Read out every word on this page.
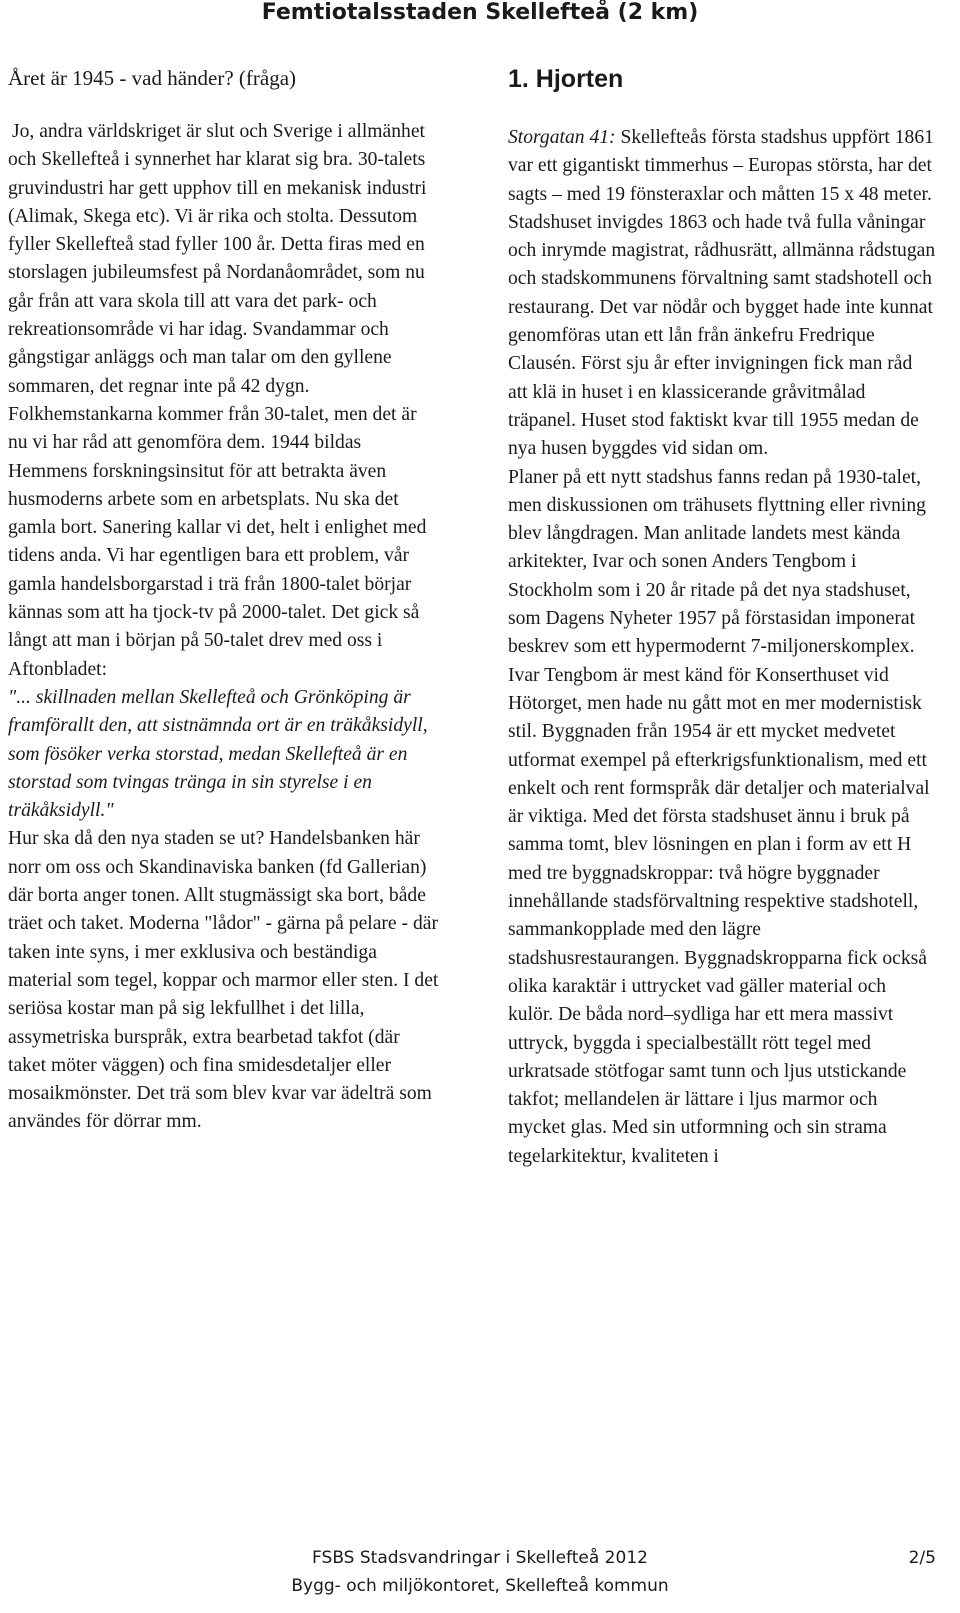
Femtiotalsstaden Skellefteå (2 km)

Året är 1945 - vad händer? (fråga)

Jo, andra världskriget är slut och Sverige i allmänhet och Skellefteå i synnerhet har klarat sig bra. 30-talets gruvindustri har gett upphov till en mekanisk industri (Alimak, Skega etc). Vi är rika och stolta. Dessutom fyller Skellefteå stad fyller 100 år. Detta firas med en storslagen jubileumsfest på Nordanåområdet, som nu går från att vara skola till att vara det park- och rekreationsområde vi har idag. Svandammar och gångstigar anläggs och man talar om den gyllene sommaren, det regnar inte på 42 dygn. Folkhemstankarna kommer från 30-talet, men det är nu vi har råd att genomföra dem. 1944 bildas Hemmens forskningsinsitut för att betrakta även husmoderns arbete som en arbetsplats. Nu ska det gamla bort. Sanering kallar vi det, helt i enlighet med tidens anda. Vi har egentligen bara ett problem, vår gamla handelsborgarstad i trä från 1800-talet börjar kännas som att ha tjock-tv på 2000-talet. Det gick så långt att man i början på 50-talet drev med oss i Aftonbladet:

"... skillnaden mellan Skellefteå och Grönköping är framförallt den, att sistnämnda ort är en träkåksidyll, som fösöker verka storstad, medan Skellefteå är en storstad som tvingas tränga in sin styrelse i en träkåksidyll."

Hur ska då den nya staden se ut? Handelsbanken här norr om oss och Skandinaviska banken (fd Gallerian) där borta anger tonen. Allt stugmässigt ska bort, både träet och taket. Moderna "lådor" - gärna på pelare - där taken inte syns, i mer exklusiva och beständiga material som tegel, koppar och marmor eller sten. I det seriösa kostar man på sig lekfullhet i det lilla, assymetriska burspråk, extra bearbetad takfot (där taket möter väggen) och fina smidesdetaljer eller mosaikmönster. Det trä som blev kvar var ädelträ som användes för dörrar mm.

1. Hjorten

Storgatan 41: Skellefteås första stadshus uppfört 1861 var ett gigantiskt timmerhus – Europas största, har det sagts – med 19 fönsteraxlar och måtten 15 x 48 meter. Stadshuset invigdes 1863 och hade två fulla våningar och inrymde magistrat, rådhusrätt, allmänna rådstugan och stadskommunens förvaltning samt stadshotell och restaurang. Det var nödår och bygget hade inte kunnat genomföras utan ett lån från änkefru Fredrique Clausén. Först sju år efter invigningen fick man råd att klä in huset i en klassicerande gråvitmålad träpanel. Huset stod faktiskt kvar till 1955 medan de nya husen byggdes vid sidan om.

Planer på ett nytt stadshus fanns redan på 1930-talet, men diskussionen om trähusets flyttning eller rivning blev långdragen. Man anlitade landets mest kända arkitekter, Ivar och sonen Anders Tengbom i Stockholm som i 20 år ritade på det nya stadshuset, som Dagens Nyheter 1957 på förstasidan imponerat beskrev som ett hypermodernt 7-miljonerskomplex. Ivar Tengbom är mest känd för Konserthuset vid Hötorget, men hade nu gått mot en mer modernistisk stil. Byggnaden från 1954 är ett mycket medvetet utformat exempel på efterkrigsfunktionalism, med ett enkelt och rent formspråk där detaljer och materialval är viktiga. Med det första stadshuset ännu i bruk på samma tomt, blev lösningen en plan i form av ett H med tre byggnadskroppar: två högre byggnader innehållande stadsförvaltning respektive stadshotell, sammankopplade med den lägre stadshusrestaurangen. Byggnadskropparna fick också olika karaktär i uttrycket vad gäller material och kulör. De båda nord–sydliga har ett mera massivt uttryck, byggda i specialbeställt rött tegel med urkratsade stötfogar samt tunn och ljus utstickande takfot; mellandelen är lättare i ljus marmor och mycket glas. Med sin utformning och sin strama tegelarkitektur, kvaliteten i

FSBS Stadsvandringar i Skellefteå 2012	2/5
Bygg- och miljökontoret, Skellefteå kommun
